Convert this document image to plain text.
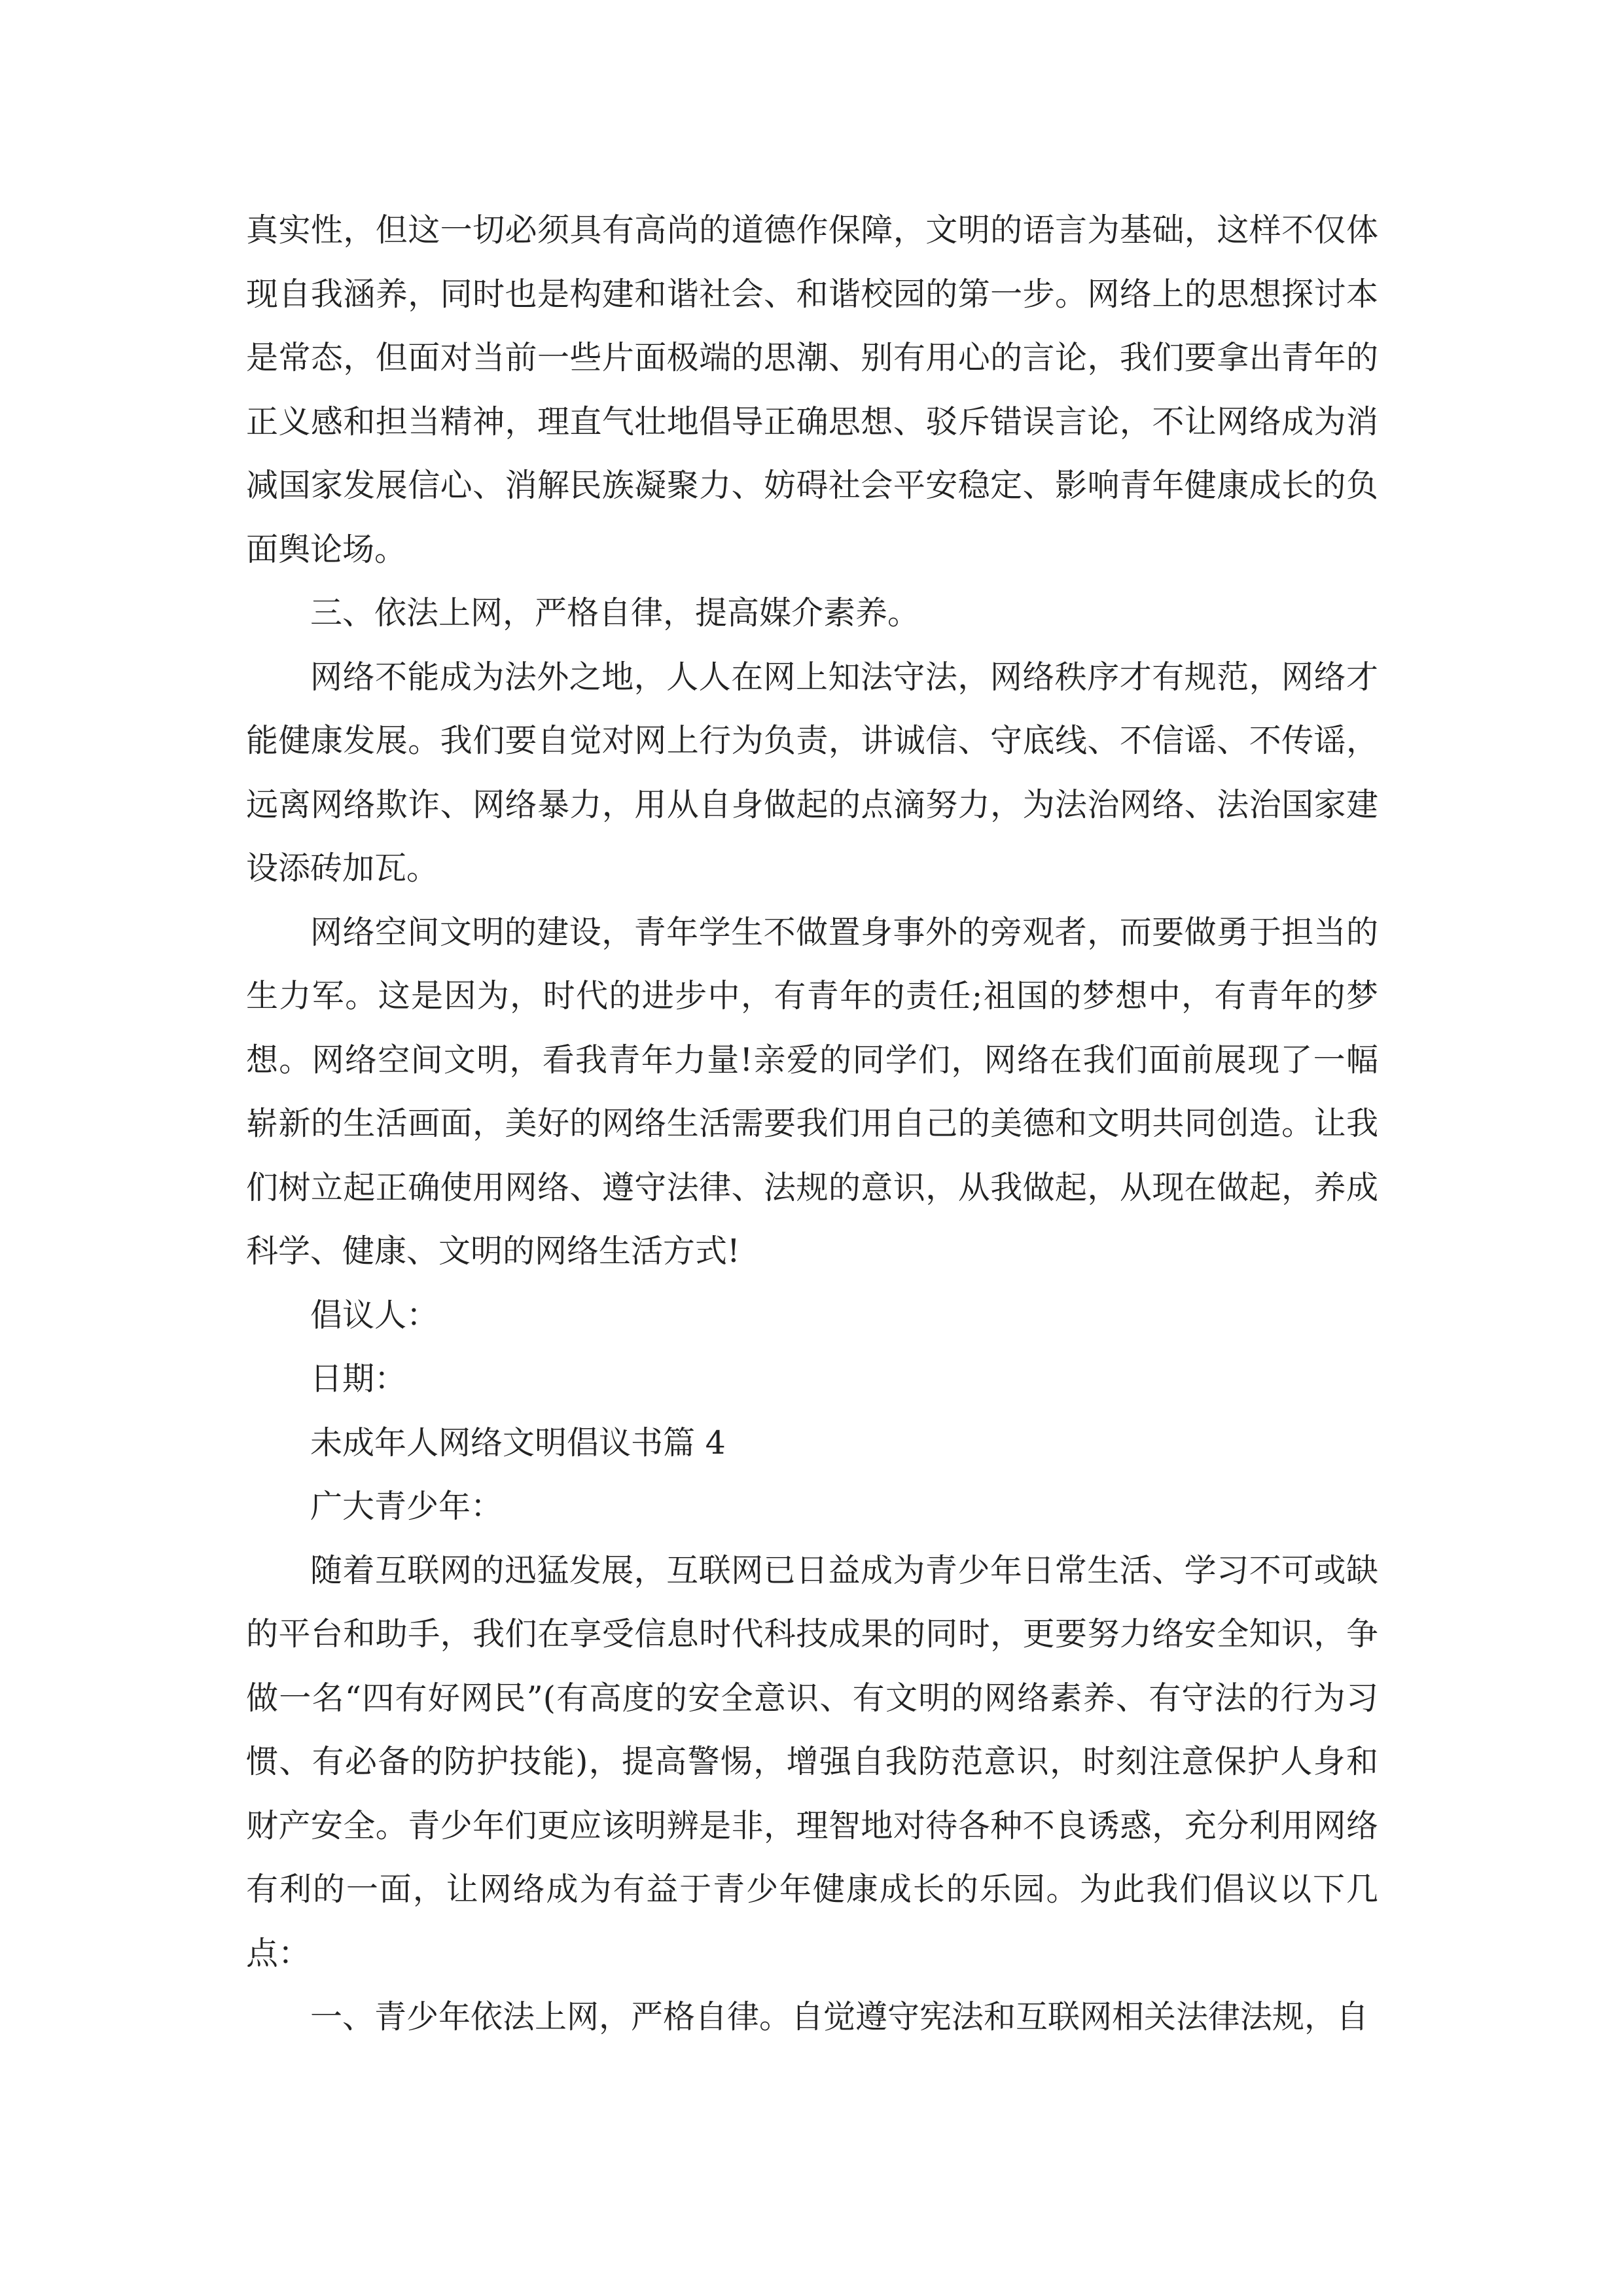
真实性，但这一切必须具有高尚的道德作保障，文明的语言为基础，这样不仅体现自我涵养，同时也是构建和谐社会、和谐校园的第一步。网络上的思想探讨本是常态，但面对当前一些片面极端的思潮、别有用心的言论，我们要拿出青年的正义感和担当精神，理直气壮地倡导正确思想、驳斥错误言论，不让网络成为消减国家发展信心、消解民族凝聚力、妨碍社会平安稳定、影响青年健康成长的负面舆论场。

三、依法上网，严格自律，提高媒介素养。

网络不能成为法外之地，人人在网上知法守法，网络秩序才有规范，网络才能健康发展。我们要自觉对网上行为负责，讲诚信、守底线、不信谣、不传谣，远离网络欺诈、网络暴力，用从自身做起的点滴努力，为法治网络、法治国家建设添砖加瓦。

网络空间文明的建设，青年学生不做置身事外的旁观者，而要做勇于担当的生力军。这是因为，时代的进步中，有青年的责任;祖国的梦想中，有青年的梦想。网络空间文明，看我青年力量!亲爱的同学们，网络在我们面前展现了一幅崭新的生活画面，美好的网络生活需要我们用自己的美德和文明共同创造。让我们树立起正确使用网络、遵守法律、法规的意识，从我做起，从现在做起，养成科学、健康、文明的网络生活方式!

倡议人：

日期：

未成年人网络文明倡议书篇 4

广大青少年：

随着互联网的迅猛发展，互联网已日益成为青少年日常生活、学习不可或缺的平台和助手，我们在享受信息时代科技成果的同时，更要努力络安全知识，争做一名“四有好网民”(有高度的安全意识、有文明的网络素养、有守法的行为习惯、有必备的防护技能)，提高警惕，增强自我防范意识，时刻注意保护人身和财产安全。青少年们更应该明辨是非，理智地对待各种不良诱惑，充分利用网络有利的一面，让网络成为有益于青少年健康成长的乐园。为此我们倡议以下几点：

一、青少年依法上网，严格自律。自觉遵守宪法和互联网相关法律法规，自
